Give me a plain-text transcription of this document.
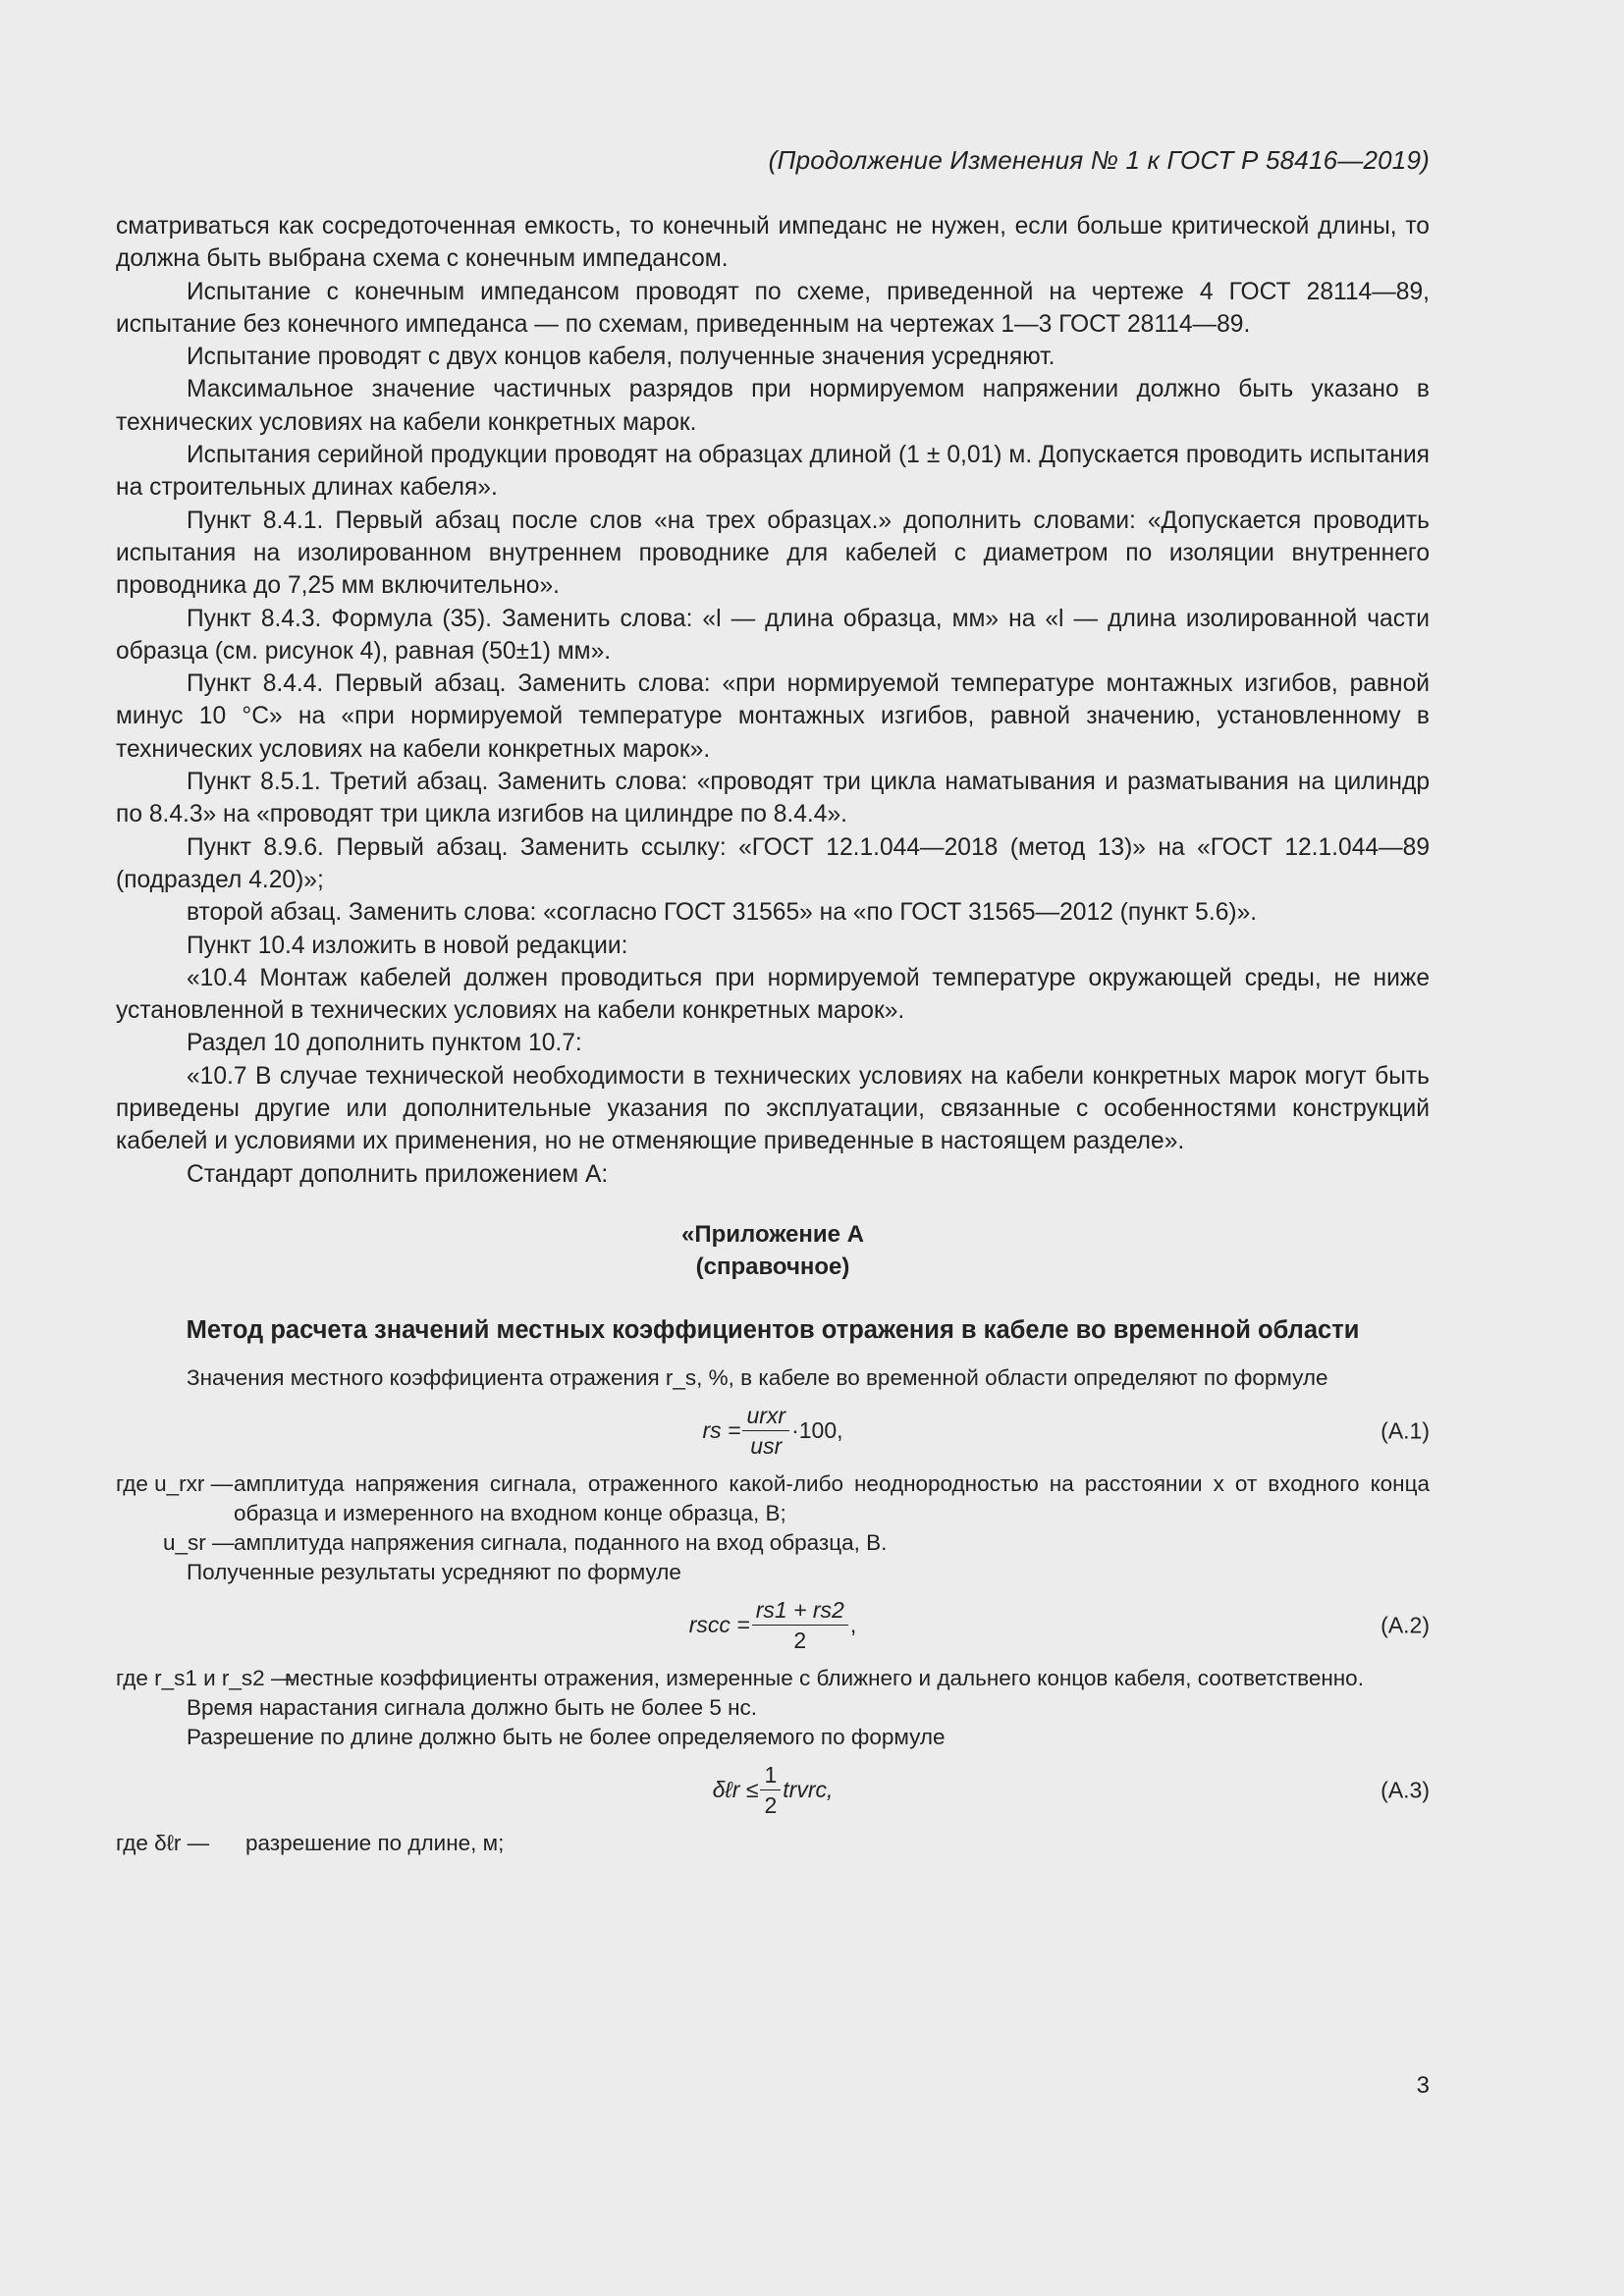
(Продолжение Изменения № 1 к ГОСТ Р 58416—2019)

сматриваться как сосредоточенная емкость, то конечный импеданс не нужен, если больше критической длины, то должна быть выбрана схема с конечным импедансом.

Испытание с конечным импедансом проводят по схеме, приведенной на чертеже 4 ГОСТ 28114—89, испытание без конечного импеданса — по схемам, приведенным на чертежах 1—3 ГОСТ 28114—89.

Испытание проводят с двух концов кабеля, полученные значения усредняют.

Максимальное значение частичных разрядов при нормируемом напряжении должно быть указано в технических условиях на кабели конкретных марок.

Испытания серийной продукции проводят на образцах длиной (1 ± 0,01) м. Допускается проводить испытания на строительных длинах кабеля».

Пункт 8.4.1. Первый абзац после слов «на трех образцах.» дополнить словами: «Допускается проводить испытания на изолированном внутреннем проводнике для кабелей с диаметром по изоляции внутреннего проводника до 7,25 мм включительно».

Пункт 8.4.3. Формула (35). Заменить слова: «l — длина образца, мм» на «l — длина изолированной части образца (см. рисунок 4), равная (50±1) мм».

Пункт 8.4.4. Первый абзац. Заменить слова: «при нормируемой температуре монтажных изгибов, равной минус 10 °С» на «при нормируемой температуре монтажных изгибов, равной значению, установленному в технических условиях на кабели конкретных марок».

Пункт 8.5.1. Третий абзац. Заменить слова: «проводят три цикла наматывания и разматывания на цилиндр по 8.4.3» на «проводят три цикла изгибов на цилиндре по 8.4.4».

Пункт 8.9.6. Первый абзац. Заменить ссылку: «ГОСТ 12.1.044—2018 (метод 13)» на «ГОСТ 12.1.044—89 (подраздел 4.20)»;

второй абзац. Заменить слова: «согласно ГОСТ 31565» на «по ГОСТ 31565—2012 (пункт 5.6)».

Пункт 10.4 изложить в новой редакции:

«10.4 Монтаж кабелей должен проводиться при нормируемой температуре окружающей среды, не ниже установленной в технических условиях на кабели конкретных марок».

Раздел 10 дополнить пунктом 10.7:

«10.7 В случае технической необходимости в технических условиях на кабели конкретных марок могут быть приведены другие или дополнительные указания по эксплуатации, связанные с особенностями конструкций кабелей и условиями их применения, но не отменяющие приведенные в настоящем разделе».

Стандарт дополнить приложением А:

«Приложение А

(справочное)

Метод расчета значений местных коэффициентов отражения в кабеле во временной области

Значения местного коэффициента отражения r_s, %, в кабеле во временной области определяют по формуле

rs = $\frac{\text{urxr}}{\text{usr}} \cdot 100$,	(А.1)
где u_rxr — амплитуда напряжения сигнала, отраженного какой-либо неоднородностью на расстоянии x от входного конца образца и измеренного на входном конце образца, В;
u_sr — амплитуда напряжения сигнала, поданного на вход образца, В.

Полученные результаты усредняют по формуле

rscc = $\frac{rs1 + rs2}{2}$ ,	(А.2)
где r_s1 и r_s2 —
местные коэффициенты отражения, измеренные с ближнего и дальнего концов кабеля, соответственно.

Время нарастания сигнала должно быть не более 5 нс.

Разрешение по длине должно быть не более определяемого по формуле

δℓr ≤ $\frac{1}{2}$ trvrc,	(А.3)
где δℓr —	разрешение по длине, м;
3
